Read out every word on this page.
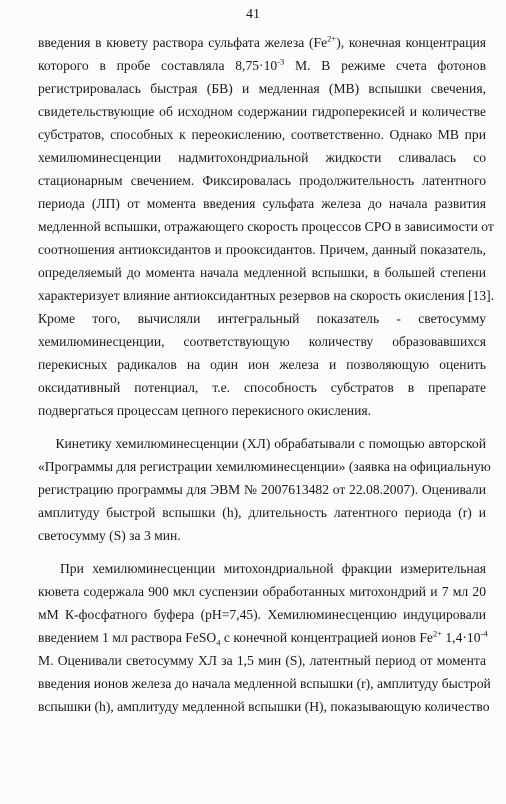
41
введения в кювету раствора сульфата железа $(Fe^{2+})$, конечная концентрация
которого в пробе составляла $8,75\cdot 10^{-3}$ М. В режиме счета фотонов
регистрировалась быстрая (БВ) и медленная (МВ) вспышки свечения,
свидетельствующие об исходном содержании гидроперекисей и количестве
субстратов, способных к переокислению, соответственно. Однако МВ при
хемилюминесценции надмитохондриальной жидкости сливалась со
стационарным свечением. Фиксировалась продолжительность латентного
периода (ЛП) от момента введения сульфата железа до начала развития
медленной вспышки, отражающего скорость процессов СРО в зависимости от
соотношения антиоксидантов и прооксидантов. Причем, данный показатель,
определяемый до момента начала медленной вспышки, в большей степени
характеризует влияние антиоксидантных резервов на скорость окисления [13].
Кроме того, вычисляли интегральный показатель - светосумму
хемилюминесценции, соответствующую количеству образовавшихся
перекисных радикалов на один ион железа и позволяющую оценить
оксидативный потенциал, т.е. способность субстратов в препарате
подвергаться процессам цепного перекисного окисления.
  Кинетику хемилюминесценции (ХЛ) обрабатывали с помощью авторской
«Программы для регистрации хемилюминесценции» (заявка на официальную
регистрацию программы для ЭВМ № 2007613482 от 22.08.2007). Оценивали
амплитуду быстрой вспышки (h), длительность латентного периода (r) и
светосумму (S) за 3 мин.
  При хемилюминесценции митохондриальной фракции измерительная
кювета содержала 900 мкл суспензии обработанных митохондрий и 7 мл 20
мМ К-фосфатного буфера (рН=7,45). Хемилюминесценцию индуцировали
введением 1 мл раствора FeSO$_4$ с конечной концентрацией ионов $Fe^{2+}$ $1,4\cdot 10^{-4}$
М. Оценивали светосумму ХЛ за 1,5 мин (S), латентный период от момента
введения ионов железа до начала медленной вспышки (r), амплитуду быстрой
вспышки (h), амплитуду медленной вспышки (Н), показывающую количество
